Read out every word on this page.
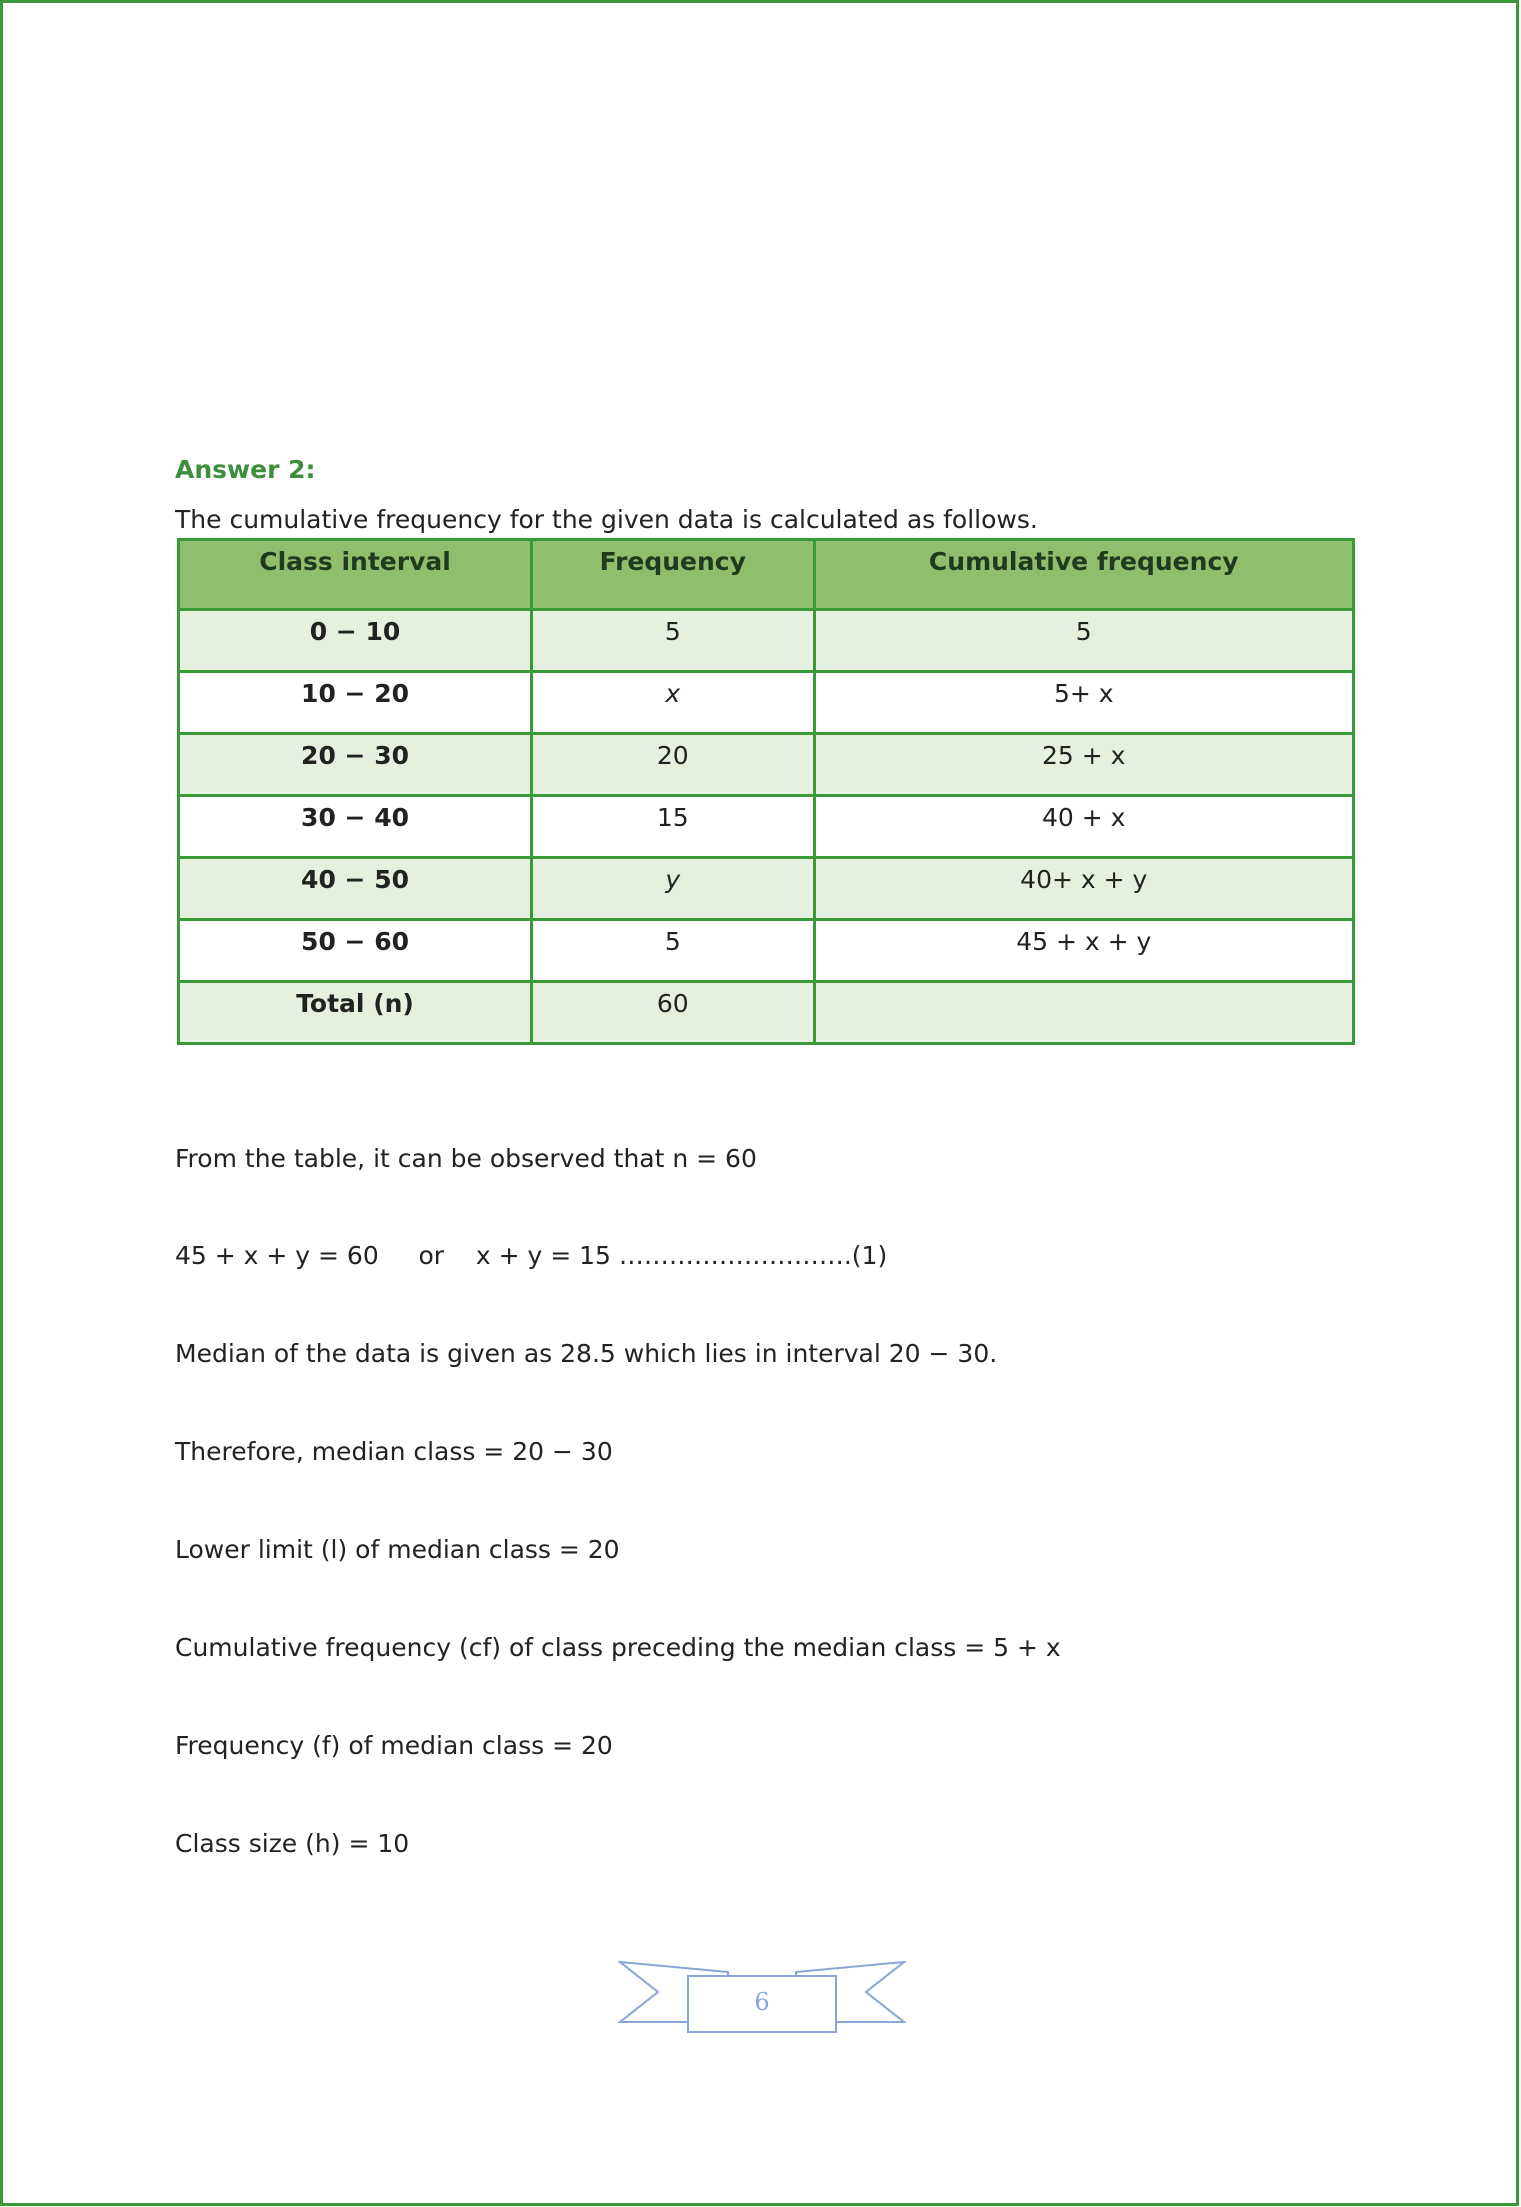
Answer 2:
The cumulative frequency for the given data is calculated as follows.
Class interval	Frequency	Cumulative frequency
0 − 10	5	5
10 − 20	x	5+ x
20 − 30	20	25 + x
30 − 40	15	40 + x
40 − 50	y	40+ x + y
50 − 60	5	45 + x + y
Total (n)	60	
From the table, it can be observed that n = 60
45 + x + y = 60     or    x + y = 15 ……………………….(1)
Median of the data is given as 28.5 which lies in interval 20 − 30.
Therefore, median class = 20 − 30
Lower limit (l) of median class = 20
Cumulative frequency (cf) of class preceding the median class = 5 + x
Frequency (f) of median class = 20
Class size (h) = 10
6
